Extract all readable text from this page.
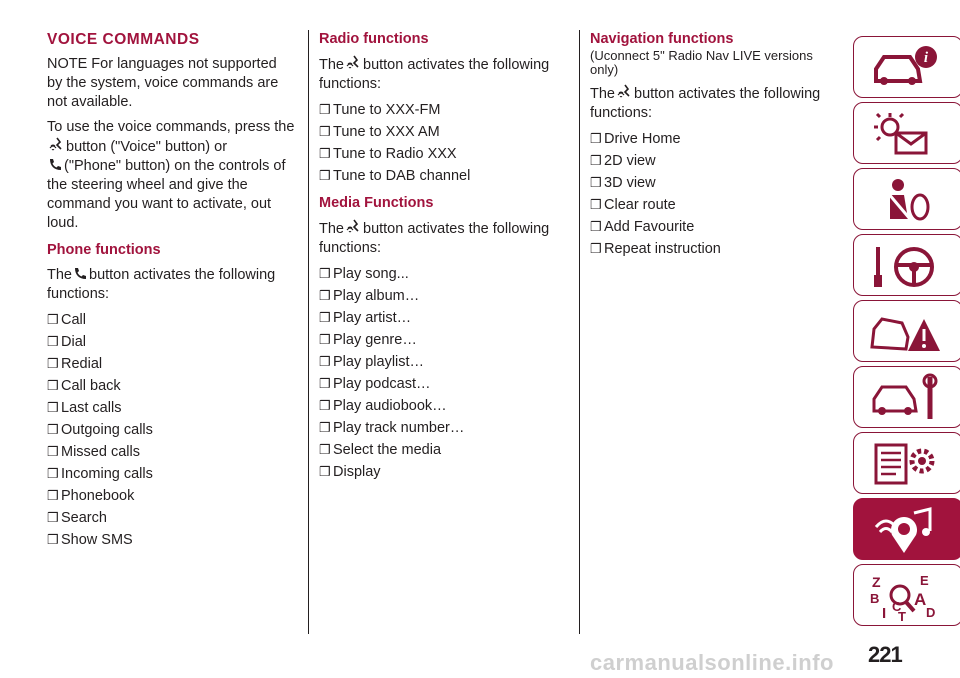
VOICE COMMANDS

NOTE For languages not supported by the system, voice commands are not available.

To use the voice commands, press the
button ("Voice" button) or
("Phone" button) on the controls of the steering wheel and give the command you want to activate, out loud.

Phone functions

The button activates the following functions:

❒ Call
❒ Dial
❒ Redial
❒ Call back
❒ Last calls
❒ Outgoing calls
❒ Missed calls
❒ Incoming calls
❒ Phonebook
❒ Search
❒ Show SMS
Radio functions

The button activates the following functions:

❒ Tune to XXX-FM
❒ Tune to XXX AM
❒ Tune to Radio XXX
❒ Tune to DAB channel
Media Functions

The button activates the following functions:

❒ Play song...
❒ Play album…
❒ Play artist…
❒ Play genre…
❒ Play playlist…
❒ Play podcast…
❒ Play audiobook…
❒ Play track number…
❒ Select the media
❒ Display
Navigation functions

(Uconnect 5" Radio Nav LIVE versions only)

The button activates the following functions:

❒ Drive Home
❒ 2D view
❒ 3D view
❒ Clear route
❒ Add Favourite
❒ Repeat instruction
i
Z	E
B A
I C D
T
carmanualsonline.info 221
